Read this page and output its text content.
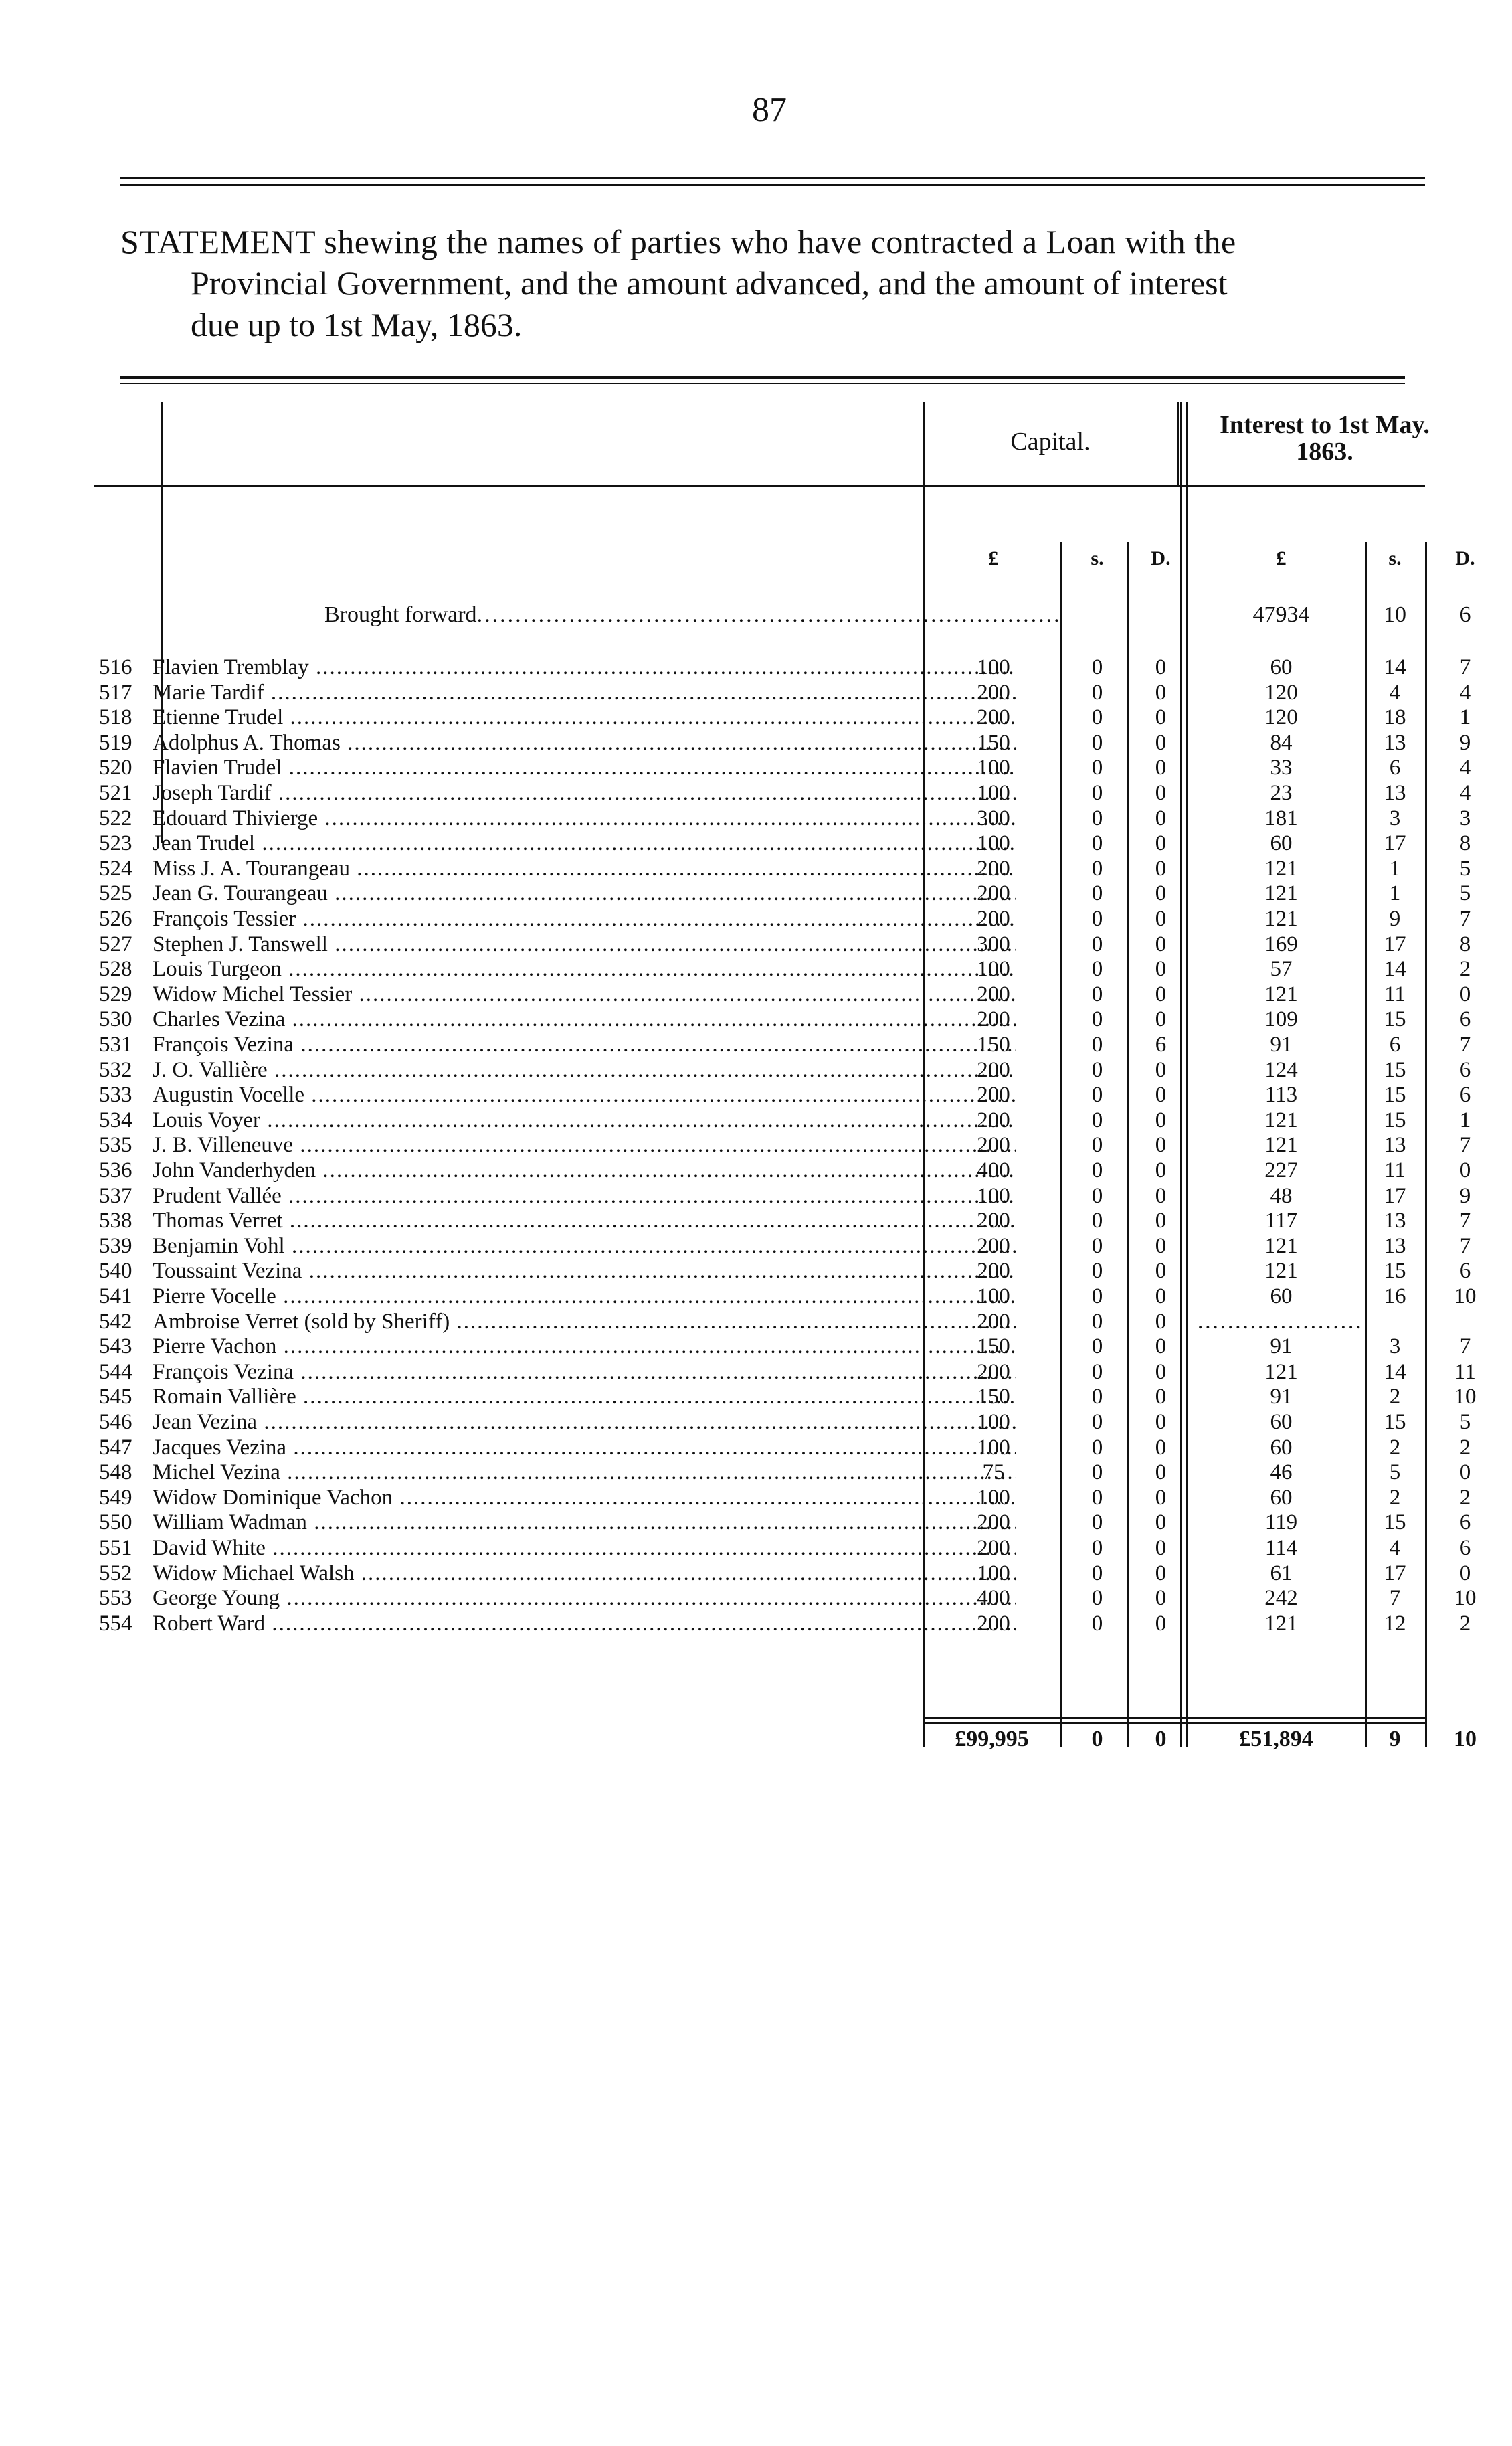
87
STATEMENT shewing the names of parties who have contracted a Loan with the
Provincial Government, and the amount advanced, and the amount of interest
due up to 1st May, 1863.
Capital.
Interest to 1st May.
1863.
£	s.	D.	£	s.	D.
Brought forward............................................................................	47934	10	6
516 Flavien Tremblay .....	100	0	0	60	14	7
517 Marie Tardif .....	200	0	0	120	4	4
518 Etienne Trudel .....	200	0	0	120	18	1
519 Adolphus A. Thomas .....	150	0	0	84	13	9
520 Flavien Trudel .....	100	0	0	33	6	4
521 Joseph Tardif .....	100	0	0	23	13	4
522 Edouard Thivierge .....	300	0	0	181	3	3
523 Jean Trudel .....	100	0	0	60	17	8
524 Miss J. A. Tourangeau .....	200	0	0	121	1	5
525 Jean G. Tourangeau .....	200	0	0	121	1	5
526 François Tessier .....	200	0	0	121	9	7
527 Stephen J. Tanswell .....	300	0	0	169	17	8
528 Louis Turgeon .....	100	0	0	57	14	2
529 Widow Michel Tessier .....	200	0	0	121	11	0
530 Charles Vezina .....	200	0	0	109	15	6
531 François Vezina .....	150	0	6	91	6	7
532 J. O. Vallière .....	200	0	0	124	15	6
533 Augustin Vocelle .....	200	0	0	113	15	6
534 Louis Voyer .....	200	0	0	121	15	1
535 J. B. Villeneuve .....	200	0	0	121	13	7
536 John Vanderhyden .....	400	0	0	227	11	0
537 Prudent Vallée .....	100	0	0	48	17	9
538 Thomas Verret .....	200	0	0	117	13	7
539 Benjamin Vohl .....	200	0	0	121	13	7
540 Toussaint Vezina .....	200	0	0	121	15	6
541 Pierre Vocelle .....	100	0	0	60	16	10
542 Ambroise Verret (sold by Sheriff) .....	200	0	0	......................
543 Pierre Vachon .....	150	0	0	91	3	7
544 François Vezina .....	200	0	0	121	14	11
545 Romain Vallière .....	150	0	0	91	2	10
546 Jean Vezina .....	100	0	0	60	15	5
547 Jacques Vezina .....	100	0	0	60	2	2
548 Michel Vezina .....	75	0	0	46	5	0
549 Widow Dominique Vachon .....	100	0	0	60	2	2
550 William Wadman .....	200	0	0	119	15	6
551 David White .....	200	0	0	114	4	6
552 Widow Michael Walsh .....	100	0	0	61	17	0
553 George Young .....	400	0	0	242	7	10
554 Robert Ward .....	200	0	0	121	12	2
£99,995	0	0	£51,894	9	10
